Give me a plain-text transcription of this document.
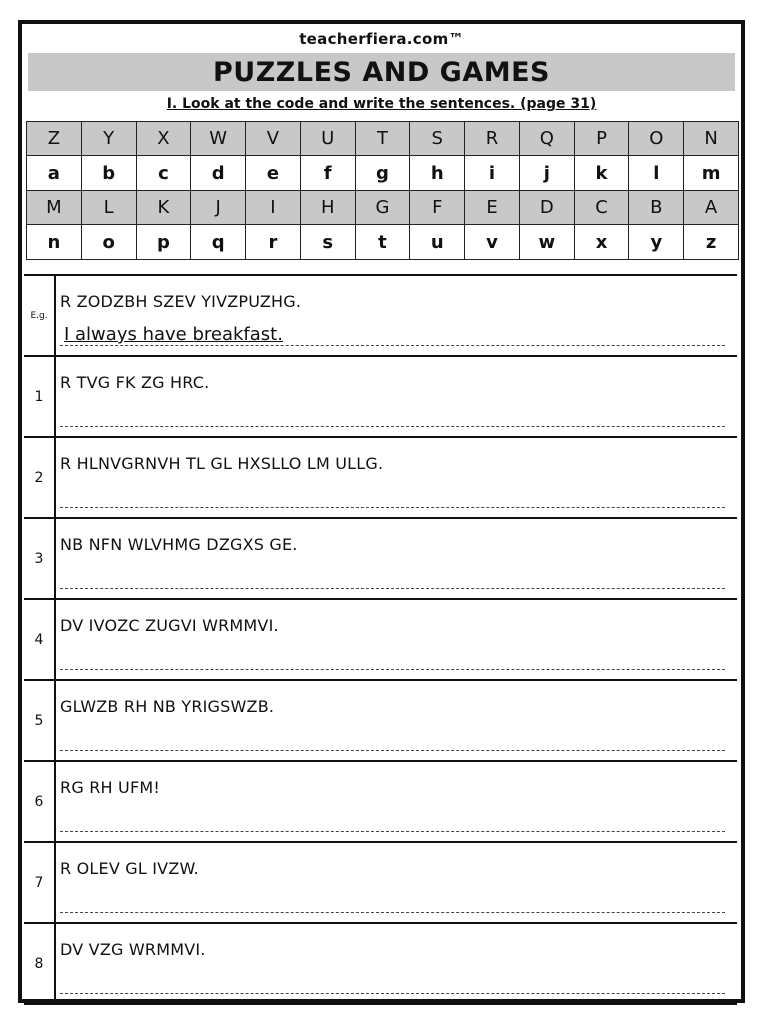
teacherfiera.com™
PUZZLES AND GAMES
I. Look at the code and write the sentences. (page 31)
Z	Y	X	W	V	U	T	S	R	Q	P	O	N
a	b	c	d	e	f	g	h	i	j	k	l	m
M	L	K	J	I	H	G	F	E	D	C	B	A
n	o	p	q	r	s	t	u	v	w	x	y	z
E.g.
R ZODZBH SZEV YIVZPUZHG.
I always have breakfast.
1
R TVG FK ZG HRC.
2
R HLNVGRNVH TL GL HXSLLO LM ULLG.
3
NB NFN WLVHMG DZGXS GE.
4
DV IVOZC ZUGVI WRMMVI.
5
GLWZB RH NB YRIGSWZB.
6
RG RH UFM!
7
R OLEV GL IVZW.
8
DV VZG WRMMVI.
